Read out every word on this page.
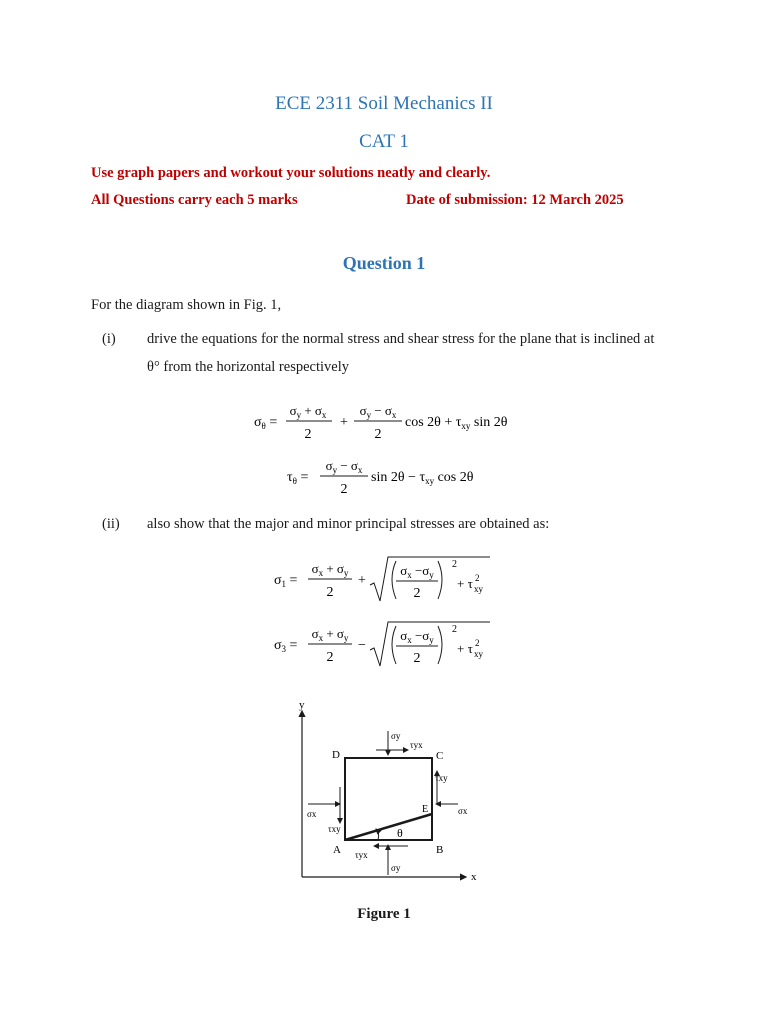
ECE 2311 Soil Mechanics II
CAT 1
Use graph papers and workout your solutions neatly and clearly.
All Questions carry each 5 marks	Date of submission: 12 March 2025
Question 1
For the diagram shown in Fig. 1,
(i) drive the equations for the normal stress and shear stress for the plane that is inclined at
θ° from the horizontal respectively
$\sigma_\theta$ =
$\sigma_y + \sigma_x$
2
+
$\sigma_y - \sigma_x$
2
$\cos 2\theta + \tau_{xy}$ sin 2θ
$\tau_\theta$ =
$\sigma_y - \sigma_x$
2
$\sin 2\theta - \tau_{xy}$ cos 2θ
(ii) also show that the major and minor principal stresses are obtained as:
$\sigma_1$ =
$\sigma_x + \sigma_y$
2
+
$\sigma_x -\sigma_y$
2
2
+ τ 2
xy
$\sigma_3$ =
$\sigma_x + \sigma_y$
2
−
$\sigma_x -\sigma_y$
2
2
+ τ 2
xy
y
x
θ
D	C
A	B
E
σy
τyx
τxy
σx
σx
τxy
σy
τyx
Figure 1
